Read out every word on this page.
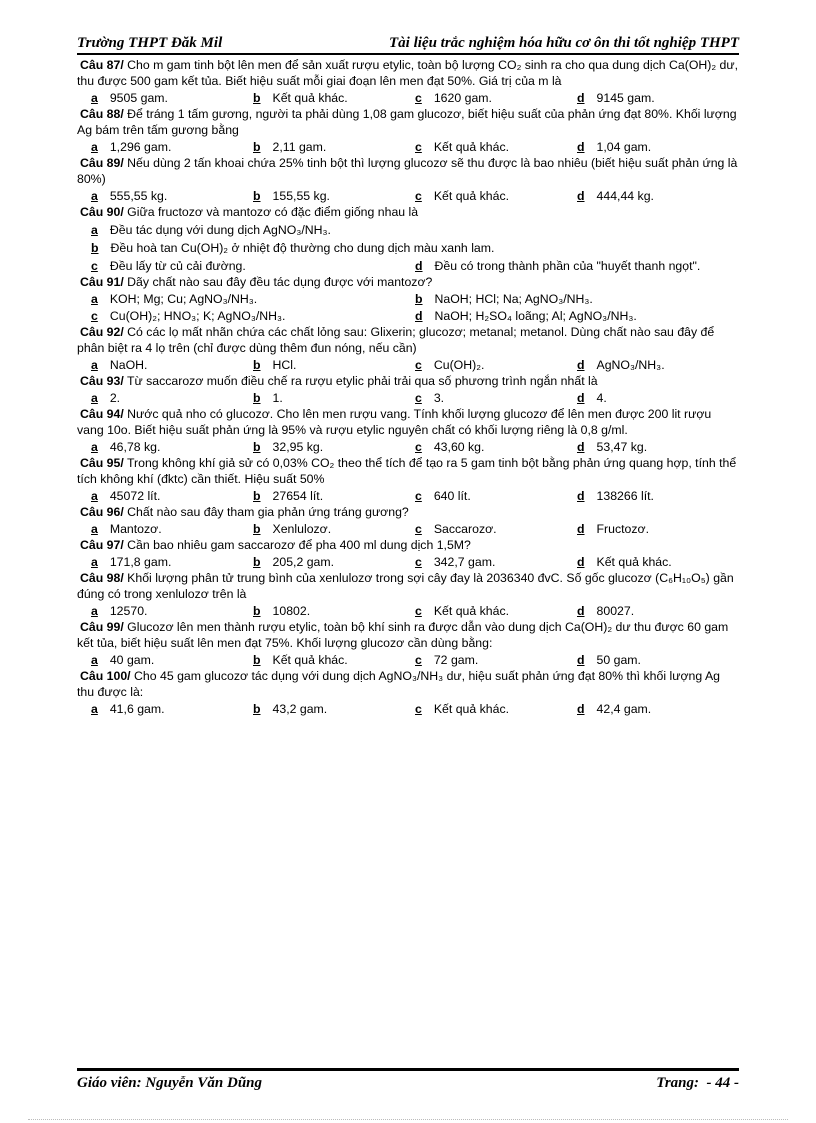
Trường THPT Đăk Mil	Tài liệu trắc nghiệm hóa hữu cơ ôn thi tốt nghiệp THPT
Câu 87/ Cho m gam tinh bột lên men để sản xuất rượu etylic, toàn bộ lượng CO₂ sinh ra cho qua dung dịch Ca(OH)₂ dư, thu được 500 gam kết tủa. Biết hiệu suất mỗi giai đoạn lên men đạt 50%. Giá trị của m là
a 9505 gam.	b Kết quả khác.	c 1620 gam.	d 9145 gam.
Câu 88/ Để tráng 1 tấm gương, người ta phải dùng 1,08 gam glucozơ, biết hiệu suất của phản ứng đạt 80%. Khối lượng Ag bám trên tấm gương bằng
a 1,296 gam.	b 2,11 gam.	c Kết quả khác.	d 1,04 gam.
Câu 89/ Nếu dùng 2 tấn khoai chứa 25% tinh bột thì lượng glucozơ sẽ thu được là bao nhiêu (biết hiệu suất phản ứng là 80%)
a 555,55 kg.	b 155,55 kg.	c Kết quả khác.	d 444,44 kg.
Câu 90/ Giữa fructozơ và mantozơ có đặc điểm giống nhau là
a Đều tác dụng với dung dịch AgNO₃/NH₃.
b Đều hoà tan Cu(OH)₂ ở nhiệt độ thường cho dung dịch màu xanh lam.
c Đều lấy từ củ cải đường.	d Đều có trong thành phần của "huyết thanh ngọt".
Câu 91/ Dãy chất nào sau đây đều tác dụng được với mantozơ?
a KOH; Mg; Cu; AgNO₃/NH₃.	b NaOH; HCl; Na; AgNO₃/NH₃.
c Cu(OH)₂; HNO₃; K; AgNO₃/NH₃.	d NaOH; H₂SO₄ loãng; Al; AgNO₃/NH₃.
Câu 92/ Có các lọ mất nhãn chứa các chất lỏng sau: Glixerin; glucozơ; metanal; metanol. Dùng chất nào sau đây để phân biệt ra 4 lọ trên (chỉ được dùng thêm đun nóng, nếu cần)
a NaOH.	b HCl.	c Cu(OH)₂.	d AgNO₃/NH₃.
Câu 93/ Từ saccarozơ muốn điều chế ra rượu etylic phải trải qua số phương trình ngắn nhất là
a 2.	b 1.	c 3.	d 4.
Câu 94/ Nước quả nho có glucozơ. Cho lên men rượu vang. Tính khối lượng glucozơ để lên men được 200 lit rượu vang 10o. Biết hiệu suất phản ứng là 95% và rượu etylic nguyên chất có khối lượng riêng là 0,8 g/ml.
a 46,78 kg.	b 32,95 kg.	c 43,60 kg.	d 53,47 kg.
Câu 95/ Trong không khí giả sử có 0,03% CO₂ theo thể tích để tạo ra 5 gam tinh bột bằng phản ứng quang hợp, tính thể tích không khí (đktc) cần thiết. Hiệu suất 50%
a 45072 lít.	b 27654 lít.	c 640 lít.	d 138266 lít.
Câu 96/ Chất nào sau đây tham gia phản ứng tráng gương?
a Mantozơ.	b Xenlulozơ.	c Saccarozơ.	d Fructozơ.
Câu 97/ Cần bao nhiêu gam saccarozơ để pha 400 ml dung dịch 1,5M?
a 171,8 gam.	b 205,2 gam.	c 342,7 gam.	d Kết quả khác.
Câu 98/ Khối lượng phân tử trung bình của xenlulozơ trong sợi cây đay là 2036340 đvC. Số gốc glucozơ (C₆H₁₀O₅) gần đúng có trong xenlulozơ trên là
a 12570.	b 10802.	c Kết quả khác.	d 80027.
Câu 99/ Glucozơ lên men thành rượu etylic, toàn bộ khí sinh ra được dẫn vào dung dịch Ca(OH)₂ dư thu được 60 gam kết tủa, biết hiệu suất lên men đạt 75%. Khối lượng glucozơ cần dùng bằng:
a 40 gam.	b Kết quả khác.	c 72 gam.	d 50 gam.
Câu 100/ Cho 45 gam glucozơ tác dụng với dung dịch AgNO₃/NH₃ dư, hiệu suất phản ứng đạt 80% thì khối lượng Ag thu được là:
a 41,6 gam.	b 43,2 gam.	c Kết quả khác.	d 42,4 gam.
Giáo viên: Nguyễn Văn Dũng	Trang: - 44 -
